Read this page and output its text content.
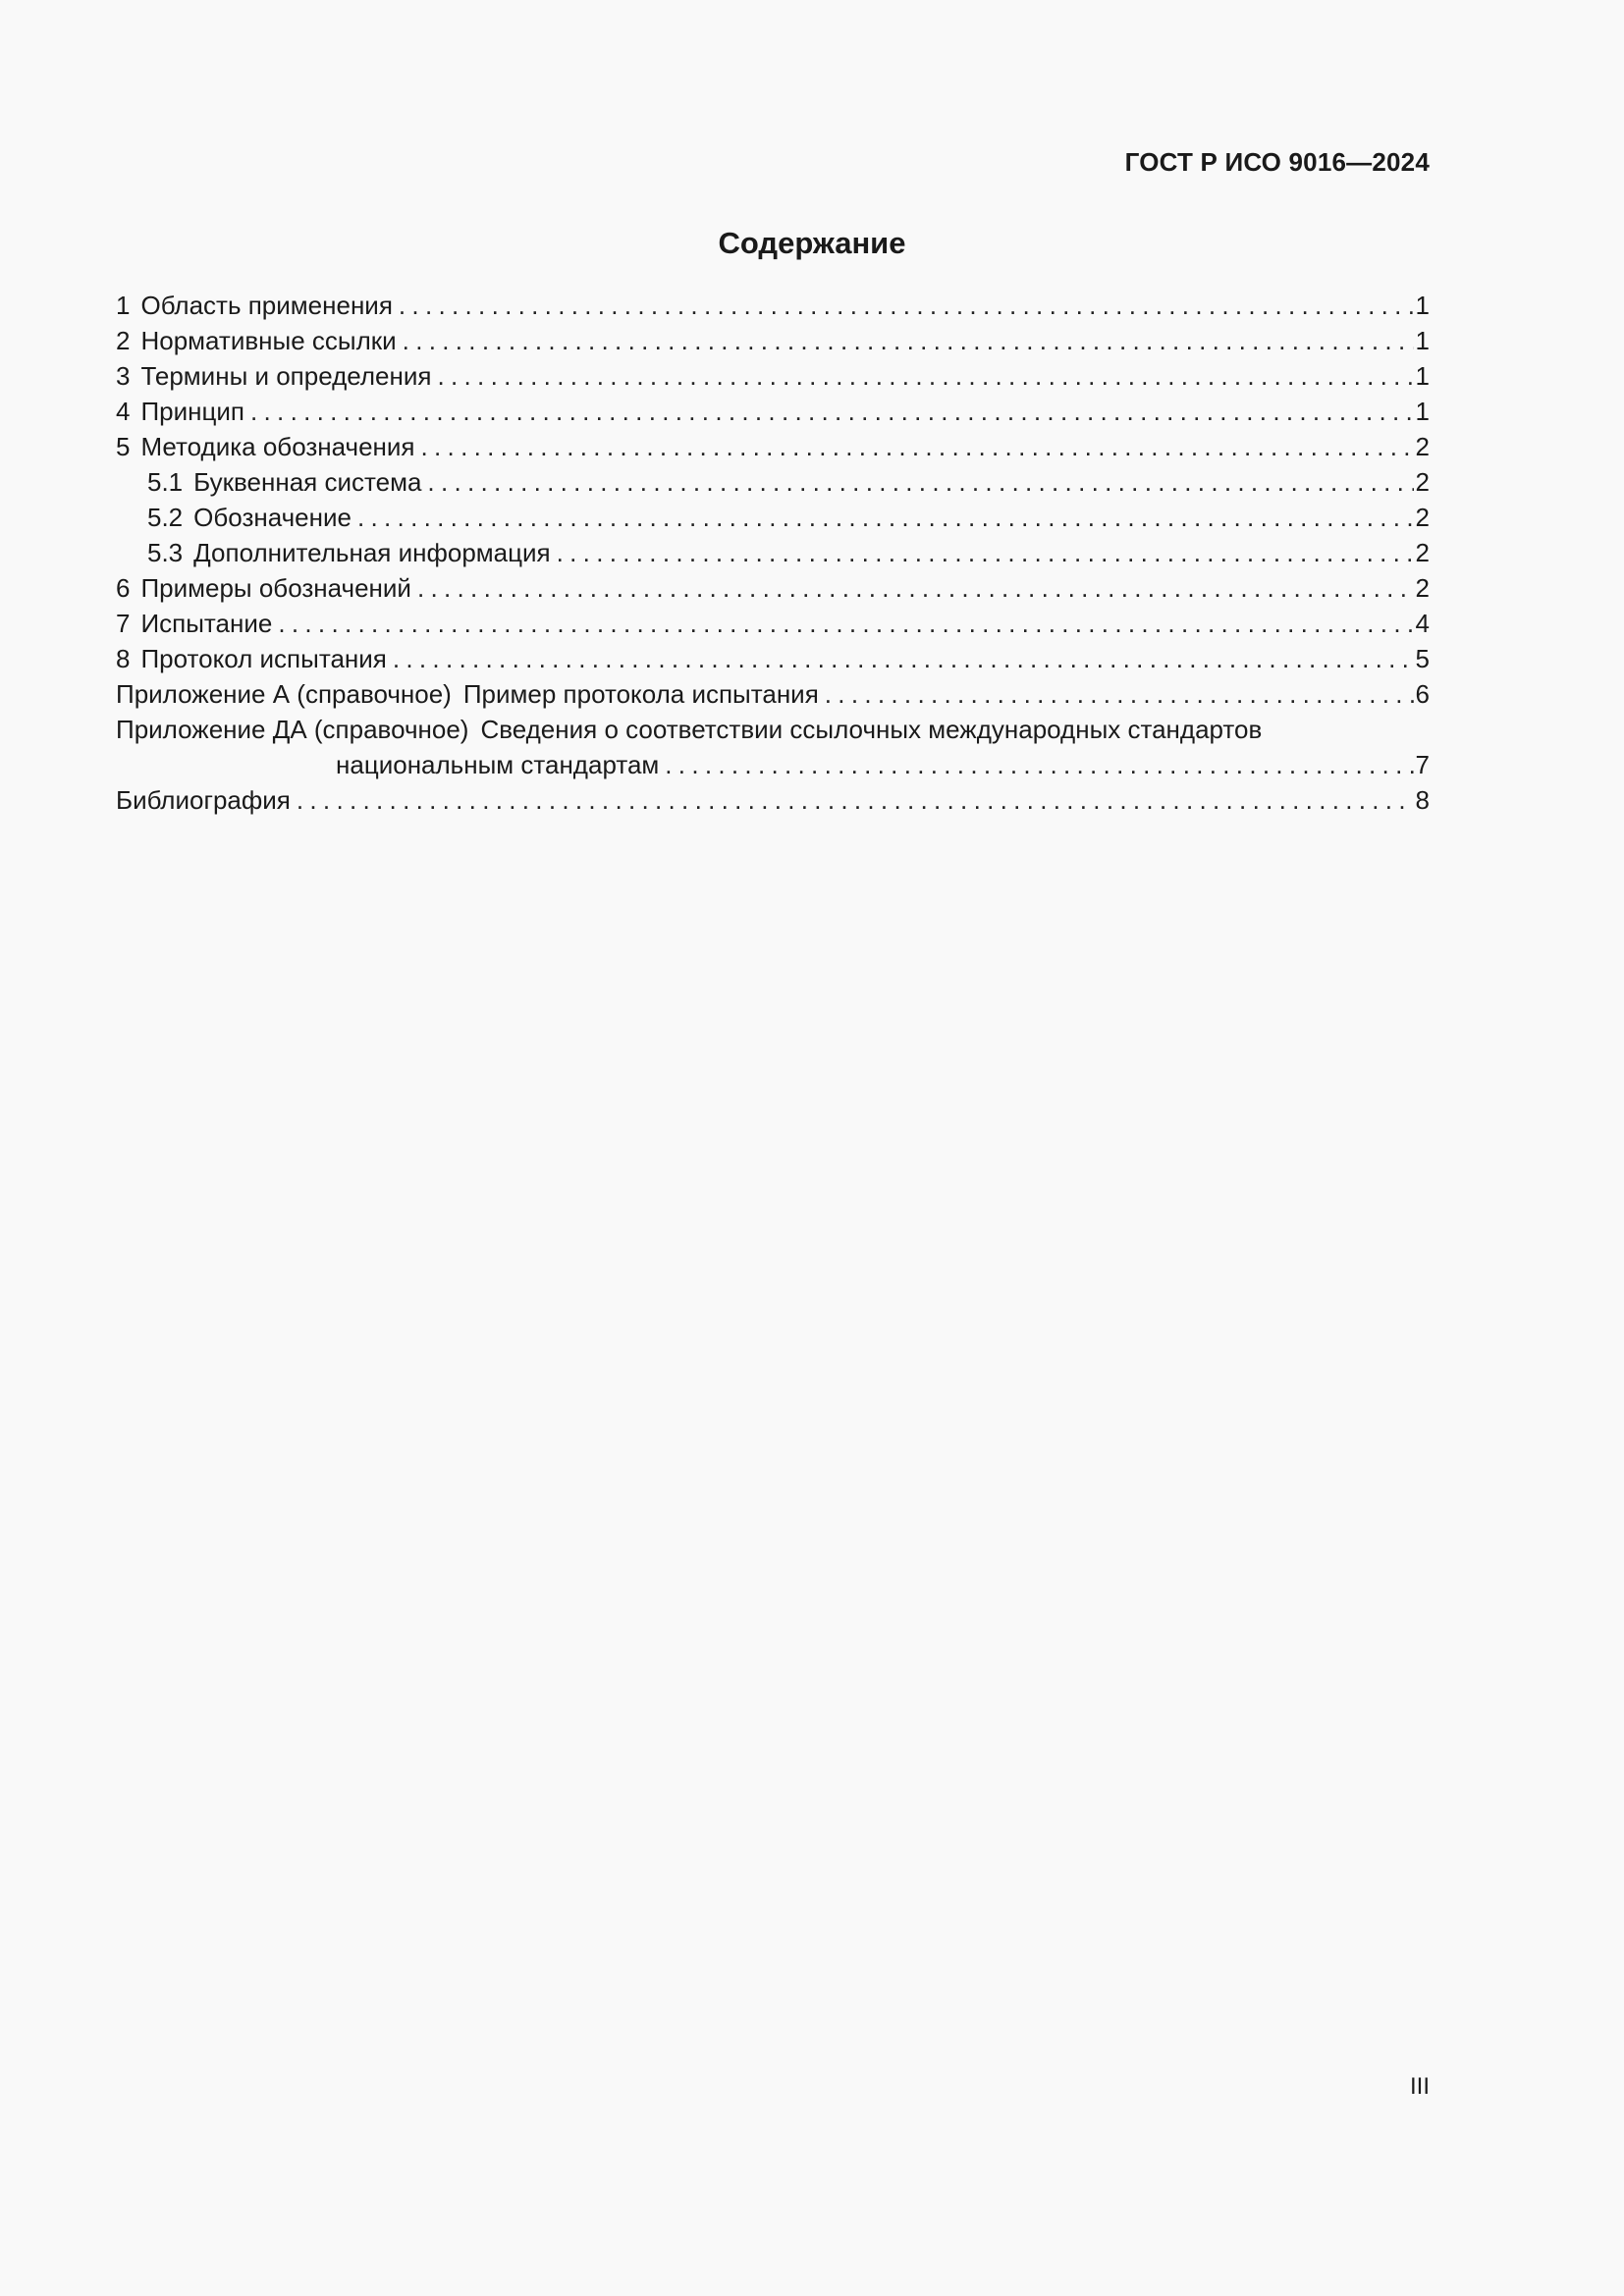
ГОСТ Р ИСО 9016—2024
Содержание
1 Область применения .....	1
2 Нормативные ссылки .....	1
3 Термины и определения .....	1
4 Принцип .....	1
5 Методика обозначения .....	2
5.1 Буквенная система .....	2
5.2 Обозначение .....	2
5.3 Дополнительная информация .....	2
6 Примеры обозначений .....	2
7 Испытание .....	4
8 Протокол испытания .....	5
Приложение А (справочное) Пример протокола испытания .....	6
Приложение ДА (справочное) Сведения о соответствии ссылочных международных стандартов
национальным стандартам .....	7
Библиография .....	8
III
